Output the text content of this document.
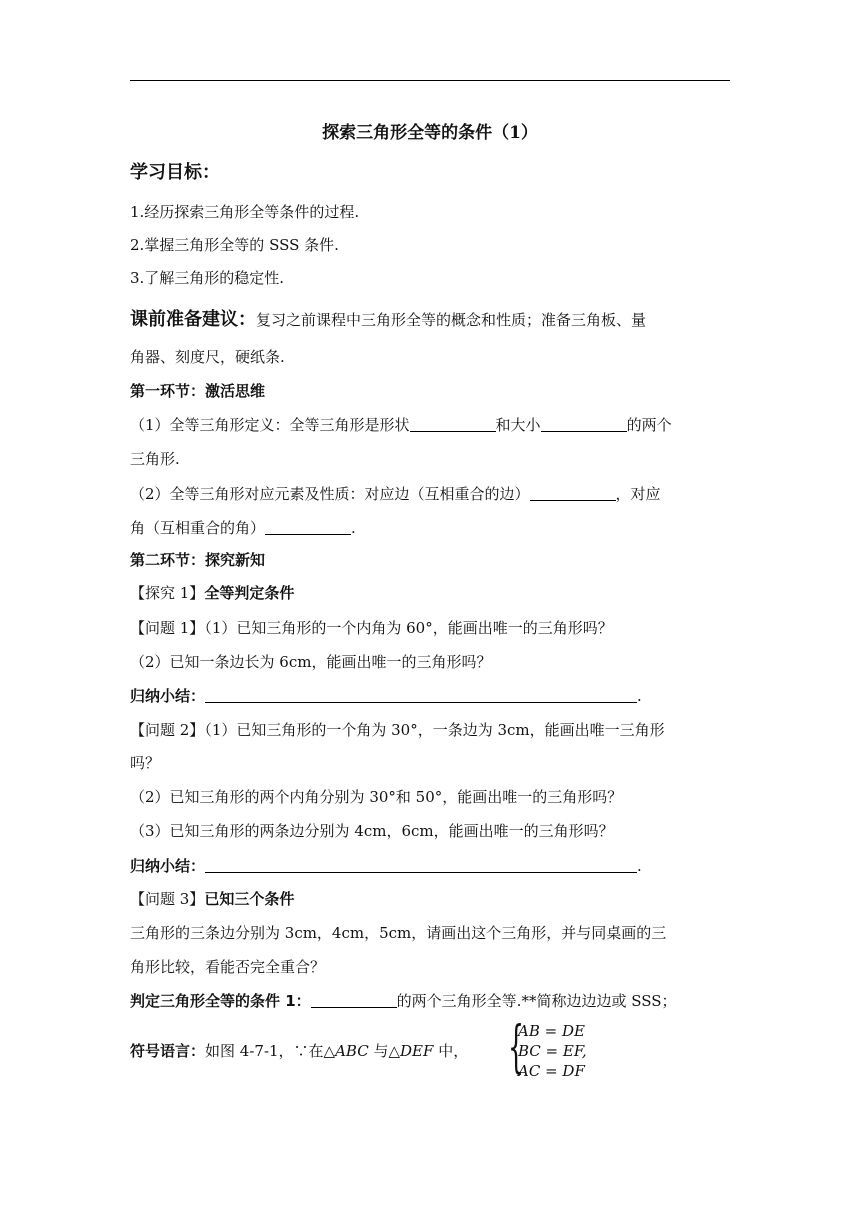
探索三角形全等的条件（1）
学习目标：
1.经历探索三角形全等条件的过程.
2.掌握三角形全等的 SSS 条件.
3.了解三角形的稳定性.
课前准备建议：复习之前课程中三角形全等的概念和性质；准备三角板、量
角器、刻度尺，硬纸条.
第一环节：激活思维
（1）全等三角形定义：全等三角形是形状	和大小	的两个
三角形.
（2）全等三角形对应元素及性质：对应边（互相重合的边）	，对应
角（互相重合的角）	.
第二环节：探究新知
【探究 1】全等判定条件
【问题 1】（1）已知三角形的一个内角为 60°，能画出唯一的三角形吗？
（2）已知一条边长为 6cm，能画出唯一的三角形吗？
归纳小结：	.
【问题 2】（1）已知三角形的一个角为 30°，一条边为 3cm，能画出唯一三角形
吗？
（2）已知三角形的两个内角分别为 30°和 50°，能画出唯一的三角形吗？
（3）已知三角形的两条边分别为 4cm，6cm，能画出唯一的三角形吗？
归纳小结：	.
【问题 3】已知三个条件
三角形的三条边分别为 3cm，4cm，5cm，请画出这个三角形，并与同桌画的三
角形比较，看能否完全重合？
判定三角形全等的条件 1：	的两个三角形全等.**简称边边边或 SSS；
符号语言：如图 4-7-1，∵在△ABC 与△DEF 中， {
AB = DE
BC = EF,
AC = DF
